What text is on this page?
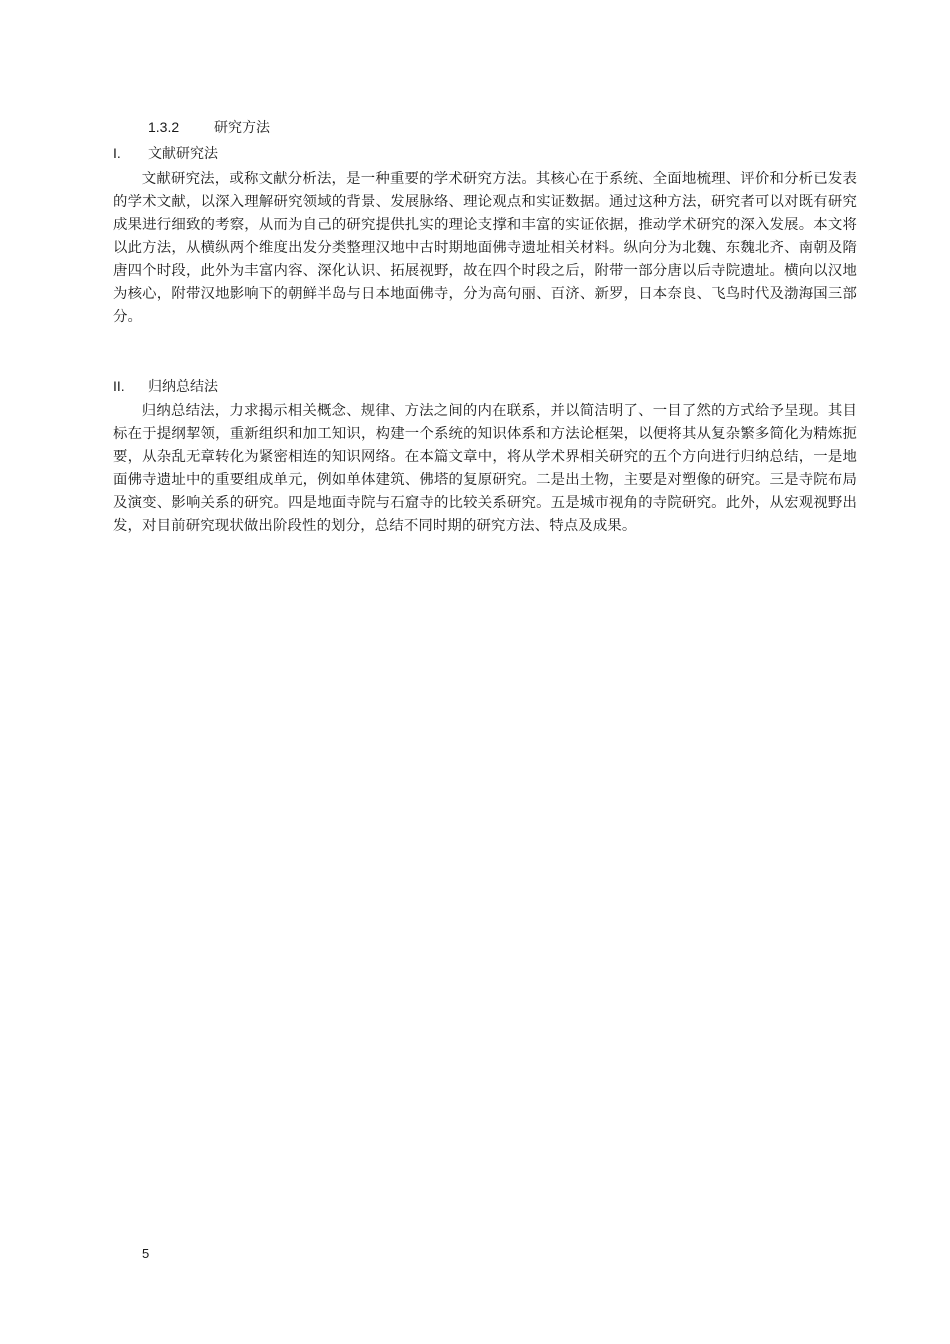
1.3.2 研究方法
I. 文献研究法

文献研究法，或称文献分析法，是一种重要的学术研究方法。其核心在于系统、全面地梳理、评价和分析已发表的学术文献，以深入理解研究领域的背景、发展脉络、理论观点和实证数据。通过这种方法，研究者可以对既有研究成果进行细致的考察，从而为自己的研究提供扎实的理论支撑和丰富的实证依据，推动学术研究的深入发展。本文将以此方法，从横纵两个维度出发分类整理汉地中古时期地面佛寺遗址相关材料。纵向分为北魏、东魏北齐、南朝及隋唐四个时段，此外为丰富内容、深化认识、拓展视野，故在四个时段之后，附带一部分唐以后寺院遗址。横向以汉地为核心，附带汉地影响下的朝鲜半岛与日本地面佛寺，分为高句丽、百济、新罗，日本奈良、飞鸟时代及渤海国三部分。

II. 归纳总结法

归纳总结法，力求揭示相关概念、规律、方法之间的内在联系，并以简洁明了、一目了然的方式给予呈现。其目标在于提纲挈领，重新组织和加工知识，构建一个系统的知识体系和方法论框架，以便将其从复杂繁多简化为精炼扼要，从杂乱无章转化为紧密相连的知识网络。在本篇文章中，将从学术界相关研究的五个方向进行归纳总结，一是地面佛寺遗址中的重要组成单元，例如单体建筑、佛塔的复原研究。二是出土物，主要是对塑像的研究。三是寺院布局及演变、影响关系的研究。四是地面寺院与石窟寺的比较关系研究。五是城市视角的寺院研究。此外，从宏观视野出发，对目前研究现状做出阶段性的划分，总结不同时期的研究方法、特点及成果。

5
